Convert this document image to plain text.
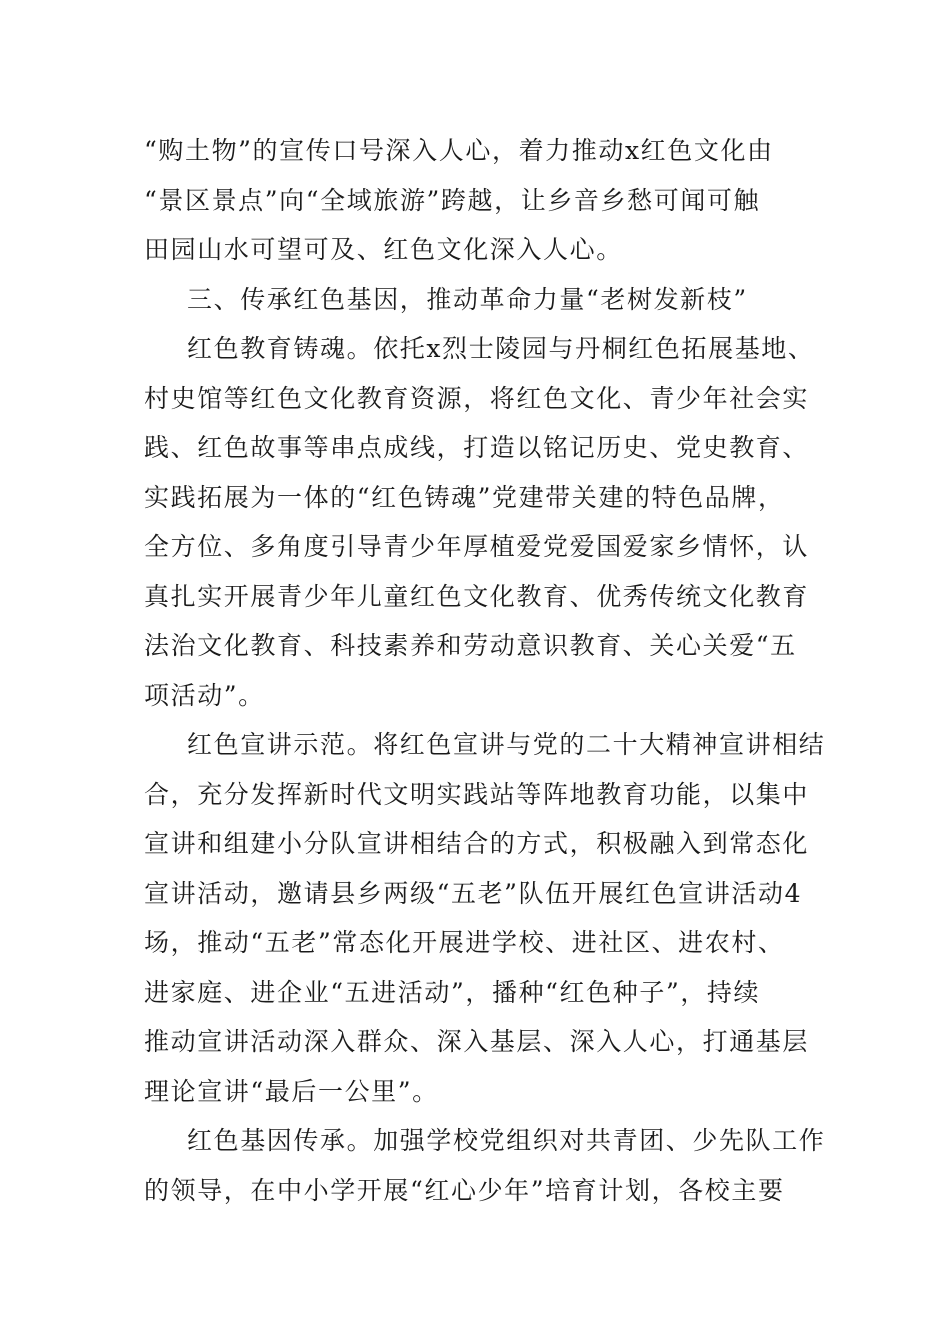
“购土物”的宣传口号深入人心，着力推动x红色文化由
“景区景点”向“全域旅游”跨越，让乡音乡愁可闻可触
田园山水可望可及、红色文化深入人心。
三、传承红色基因，推动革命力量“老树发新枝”
红色教育铸魂。依托x烈士陵园与丹桐红色拓展基地、
村史馆等红色文化教育资源，将红色文化、青少年社会实
践、红色故事等串点成线，打造以铭记历史、党史教育、
实践拓展为一体的“红色铸魂”党建带关建的特色品牌，
全方位、多角度引导青少年厚植爱党爱国爱家乡情怀，认
真扎实开展青少年儿童红色文化教育、优秀传统文化教育
法治文化教育、科技素养和劳动意识教育、关心关爱“五
项活动”。
红色宣讲示范。将红色宣讲与党的二十大精神宣讲相结
合，充分发挥新时代文明实践站等阵地教育功能，以集中
宣讲和组建小分队宣讲相结合的方式，积极融入到常态化
宣讲活动，邀请县乡两级“五老”队伍开展红色宣讲活动4
场，推动“五老”常态化开展进学校、进社区、进农村、
进家庭、进企业“五进活动”，播种“红色种子”，持续
推动宣讲活动深入群众、深入基层、深入人心，打通基层
理论宣讲“最后一公里”。
红色基因传承。加强学校党组织对共青团、少先队工作
的领导，在中小学开展“红心少年”培育计划，各校主要
